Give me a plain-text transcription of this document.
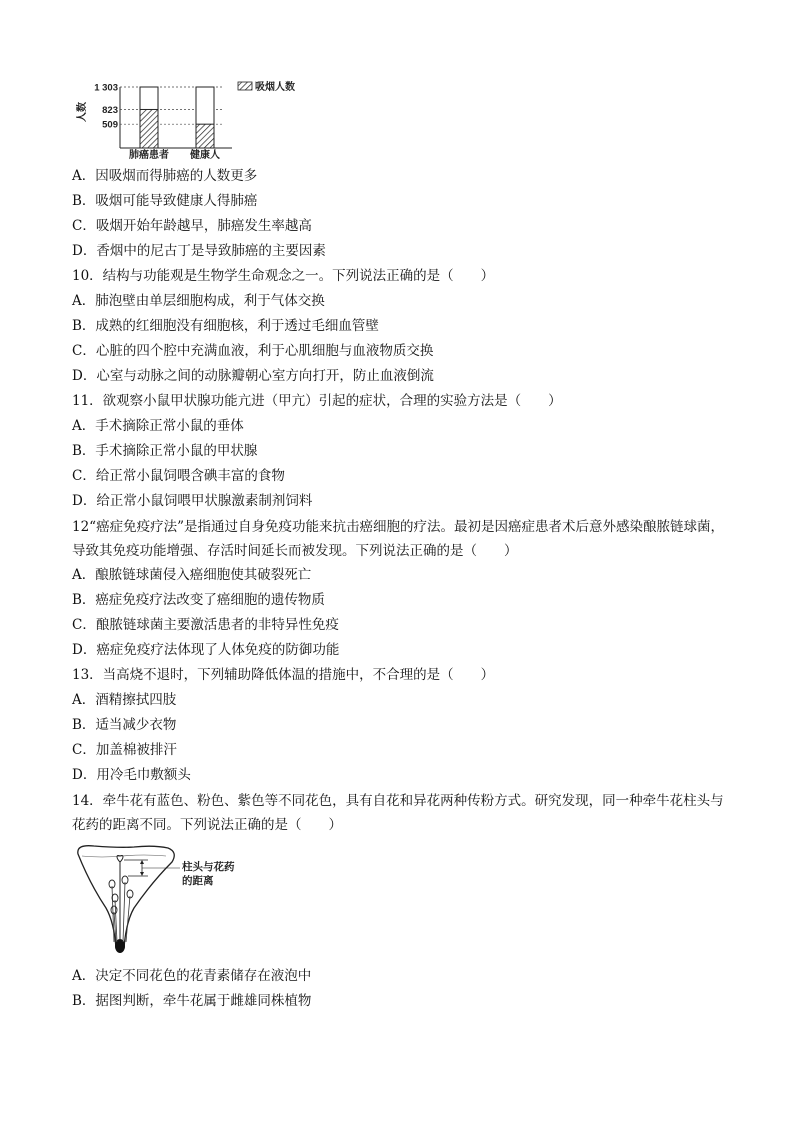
人数
509
823
1 303
肺癌患者 健康人
吸烟人数
A．因吸烟而得肺癌的人数更多
B．吸烟可能导致健康人得肺癌
C．吸烟开始年龄越早，肺癌发生率越高
D．香烟中的尼古丁是导致肺癌的主要因素
10．结构与功能观是生物学生命观念之一。下列说法正确的是（　　）
A．肺泡壁由单层细胞构成，利于气体交换
B．成熟的红细胞没有细胞核，利于透过毛细血管壁
C．心脏的四个腔中充满血液，利于心肌细胞与血液物质交换
D．心室与动脉之间的动脉瓣朝心室方向打开，防止血液倒流
11．欲观察小鼠甲状腺功能亢进（甲亢）引起的症状，合理的实验方法是（　　）
A．手术摘除正常小鼠的垂体
B．手术摘除正常小鼠的甲状腺
C．给正常小鼠饲喂含碘丰富的食物
D．给正常小鼠饲喂甲状腺激素制剂饲料
12“癌症免疫疗法”是指通过自身免疫功能来抗击癌细胞的疗法。最初是因癌症患者术后意外感染酿脓链球菌，导致其免疫功能增强、存活时间延长而被发现。下列说法正确的是（　　）
A．酿脓链球菌侵入癌细胞使其破裂死亡
B．癌症免疫疗法改变了癌细胞的遗传物质
C．酿脓链球菌主要激活患者的非特异性免疫
D．癌症免疫疗法体现了人体免疫的防御功能
13．当高烧不退时，下列辅助降低体温的措施中，不合理的是（　　）
A．酒精擦拭四肢
B．适当减少衣物
C．加盖棉被排汗
D．用冷毛巾敷额头
14．牵牛花有蓝色、粉色、紫色等不同花色，具有自花和异花两种传粉方式。研究发现，同一种牵牛花柱头与花药的距离不同。下列说法正确的是（　　）
柱头与花药
的距离
A．决定不同花色的花青素储存在液泡中
B．据图判断，牵牛花属于雌雄同株植物
